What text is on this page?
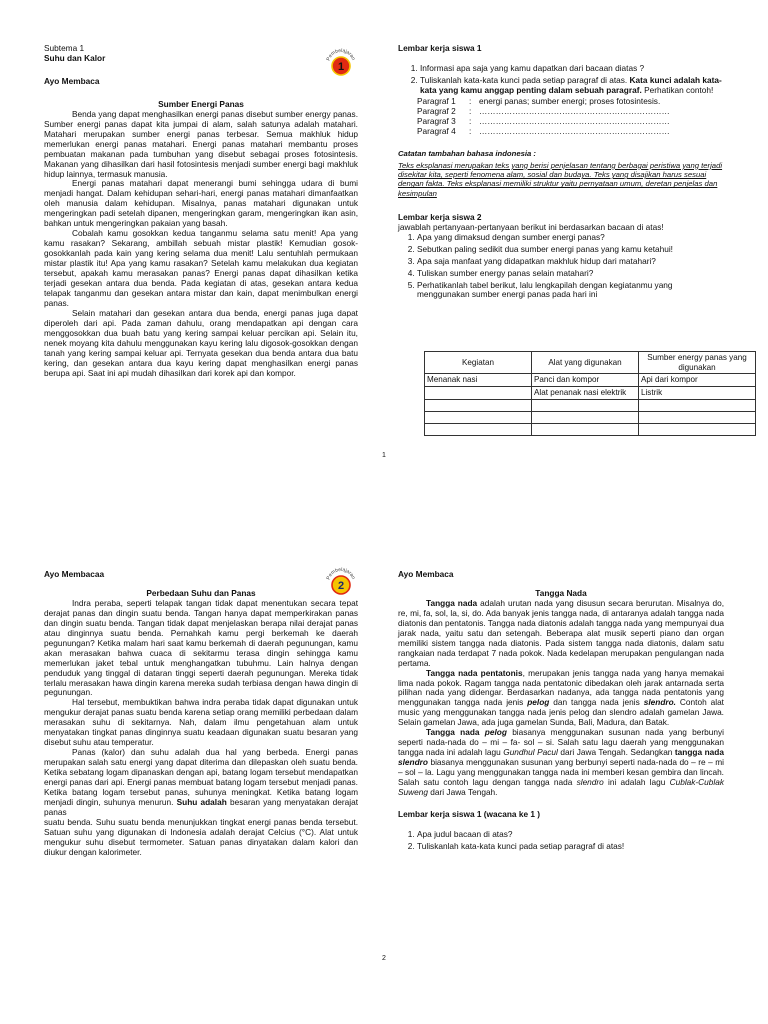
Subtema 1
Suhu dan Kalor
Ayo Membaca
Sumber Energi Panas

Benda yang dapat menghasilkan energi panas disebut sumber energy panas. Sumber energi panas dapat kita jumpai di alam, salah satunya adalah matahari. Matahari merupakan sumber energi panas terbesar. Semua makhluk hidup memerlukan energi panas matahari. Energi panas matahari membantu proses pembuatan makanan pada tumbuhan yang disebut sebagai proses fotosintesis. Makanan yang dihasilkan dari hasil fotosintesis menjadi sumber energi bagi makhluk hidup lainnya, termasuk manusia.

Energi panas matahari dapat menerangi bumi sehingga udara di bumi menjadi hangat. Dalam kehidupan sehari-hari, energi panas matahari dimanfaatkan oleh manusia dalam kehidupan. Misalnya, panas matahari digunakan untuk mengeringkan padi setelah dipanen, mengeringkan garam, mengeringkan ikan asin, bahkan untuk mengeringkan pakaian yang basah.

Cobalah kamu gosokkan kedua tanganmu selama satu menit! Apa yang kamu rasakan? Sekarang, ambillah sebuah mistar plastik! Kemudian gosok-gosokkanlah pada kain yang kering selama dua menit! Lalu sentuhlah permukaan mistar plastik itu! Apa yang kamu rasakan? Setelah kamu melakukan dua kegiatan tersebut, apakah kamu merasakan panas? Energi panas dapat dihasilkan ketika terjadi gesekan antara dua benda. Pada kegiatan di atas, gesekan antara kedua telapak tanganmu dan gesekan antara mistar dan kain, dapat menimbulkan energi panas.

Selain matahari dan gesekan antara dua benda, energi panas juga dapat diperoleh dari api. Pada zaman dahulu, orang mendapatkan api dengan cara menggosokkan dua buah batu yang kering sampai keluar percikan api. Selain itu, nenek moyang kita dahulu menggunakan kayu kering lalu digosok-gosokkan dengan tanah yang kering sampai keluar api. Ternyata gesekan dua benda antara dua batu kering, dan gesekan antara dua kayu kering dapat menghasilkan energi panas berupa api. Saat ini api mudah dihasilkan dari korek api dan kompor.

Pembelajaran
1
Lembar kerja siswa 1
1. Informasi apa saja yang kamu dapatkan dari bacaan diatas ?
2. Tuliskanlah kata-kata kunci pada setiap paragraf di atas. Kata kunci adalah kata-kata yang kamu anggap penting dalam sebuah paragraf. Perhatikan contoh!
Paragraf 1	: energi panas; sumber energi; proses fotosintesis.
Paragraf 2	: ……………………………………………………………
Paragraf 3	: ……………………………………………………………
Paragraf 4	: ……………………………………………………………
Catatan tambahan bahasa indonesia :
Teks eksplanasi merupakan teks yang berisi penjelasan tentang berbagai peristiwa yang terjadi disekitar kita, seperti fenomena alam, sosial dan budaya. Teks yang disajikan harus sesuai dengan fakta. Teks eksplanasi memiliki struktur yaitu pernyataan umum, deretan penjelas dan kesimpulan
Lembar kerja siswa 2
jawablah pertanyaan-pertanyaan berikut ini berdasarkan bacaan di atas!
1. Apa yang dimaksud dengan sumber energi panas?
2. Sebutkan paling sedikit dua sumber energi panas yang kamu ketahui!
3. Apa saja manfaat yang didapatkan makhluk hidup dari matahari?
4. Tuliskan sumber energy panas selain matahari?
5. Perhatikanlah tabel berikut, lalu lengkapilah dengan kegiatanmu yang menggunakan sumber energi panas pada hari ini
Kegiatan	Alat yang digunakan	Sumber energy panas yang digunakan
Menanak nasi	Panci dan kompor	Api dari kompor
	Alat penanak nasi elektrik	Listrik

1
Ayo Membacaa
Perbedaan Suhu dan Panas

Indra peraba, seperti telapak tangan tidak dapat menentukan secara tepat derajat panas dan dingin suatu benda. Tangan hanya dapat memperkirakan panas dan dingin suatu benda. Tangan tidak dapat menjelaskan berapa nilai derajat panas atau dinginnya suatu benda. Pernahkah kamu pergi berkemah ke daerah pegunungan? Ketika malam hari saat kamu berkemah di daerah pegunungan, kamu akan merasakan bahwa cuaca di sekitarmu terasa dingin sehingga kamu memerlukan jaket tebal untuk menghangatkan tubuhmu. Lain halnya dengan penduduk yang tinggal di dataran tinggi seperti daerah pegunungan. Mereka tidak terlalu merasakan hawa dingin karena mereka sudah terbiasa dengan hawa dingin di pegunungan.

Hal tersebut, membuktikan bahwa indra peraba tidak dapat digunakan untuk mengukur derajat panas suatu benda karena setiap orang memiliki perbedaan dalam merasakan suhu di sekitarnya. Nah, dalam ilmu pengetahuan alam untuk menyatakan tingkat panas dinginnya suatu keadaan digunakan suatu besaran yang disebut suhu atau temperatur.

Panas (kalor) dan suhu adalah dua hal yang berbeda. Energi panas merupakan salah satu energi yang dapat diterima dan dilepaskan oleh suatu benda. Ketika sebatang logam dipanaskan dengan api, batang logam tersebut mendapatkan energi panas dari api. Energi panas membuat batang logam tersebut menjadi panas. Ketika batang logam tersebut panas, suhunya meningkat. Ketika batang logam menjadi dingin, suhunya menurun. Suhu adalah besaran yang menyatakan derajat panas

suatu benda. Suhu suatu benda menunjukkan tingkat energi panas benda tersebut. Satuan suhu yang digunakan di Indonesia adalah derajat Celcius (°C). Alat untuk mengukur suhu disebut termometer. Satuan panas dinyatakan dalam kalori dan diukur dengan kalorimeter.

Pembelajaran
2
Ayo Membaca
Tangga Nada

Tangga nada adalah urutan nada yang disusun secara berurutan. Misalnya do, re, mi, fa, sol, la, si, do. Ada banyak jenis tangga nada, di antaranya adalah tangga nada diatonis dan pentatonis. Tangga nada diatonis adalah tangga nada yang mempunyai dua jarak nada, yaitu satu dan setengah. Beberapa alat musik seperti piano dan organ memiliki sistem tangga nada diatonis. Pada sistem tangga nada diatonis, dalam satu rangkaian nada terdapat 7 nada pokok. Nada kedelapan merupakan pengulangan nada pertama.

Tangga nada pentatonis, merupakan jenis tangga nada yang hanya memakai lima nada pokok. Ragam tangga nada pentatonic dibedakan oleh jarak antarnada serta pilihan nada yang didengar. Berdasarkan nadanya, ada tangga nada pentatonis yang menggunakan tangga nada jenis pelog dan tangga nada jenis slendro. Contoh alat music yang menggunakan tangga nada jenis pelog dan slendro adalah gamelan Jawa. Selain gamelan Jawa, ada juga gamelan Sunda, Bali, Madura, dan Batak.

Tangga nada pelog biasanya menggunakan susunan nada yang berbunyi seperti nada-nada do – mi – fa- sol – si. Salah satu lagu daerah yang menggunakan tangga nada ini adalah lagu Gundhul Pacul dari Jawa Tengah. Sedangkan tangga nada slendro biasanya menggunakan susunan yang berbunyi seperti nada-nada do – re – mi – sol – la. Lagu yang menggunakan tangga nada ini memberi kesan gembira dan lincah. Salah satu contoh lagu dengan tangga nada slendro ini adalah lagu Cublak-Cublak Suweng dari Jawa Tengah.

Lembar kerja siswa 1 (wacana ke 1 )
1. Apa judul bacaan di atas?
2. Tuliskanlah kata-kata kunci pada setiap paragraf di atas!
2
